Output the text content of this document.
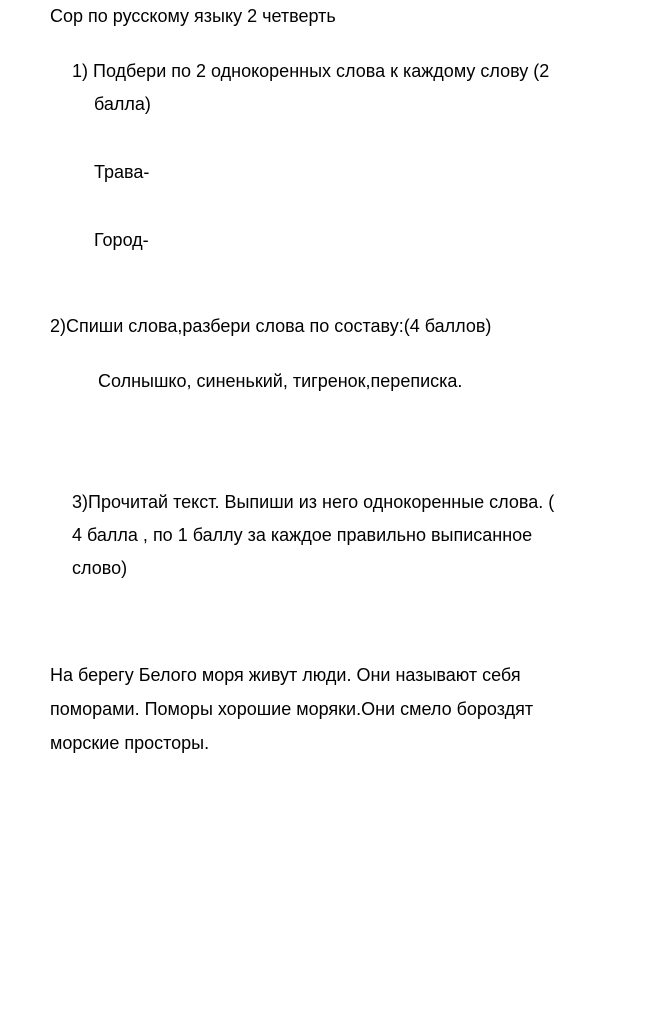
Сор по русскому языку 2 четверть
1) Подбери по 2 однокоренных слова к каждому слову (2
балла)
Трава-
Город-
2)Спиши слова,разбери слова по составу:(4 баллов)
Солнышко, синенький, тигренок,переписка.
3)Прочитай текст. Выпиши из него однокоренные слова. (
4 балла , по 1 баллу за каждое правильно выписанное
слово)
На берегу Белого моря живут люди. Они называют себя
поморами. Поморы хорошие моряки.Они смело бороздят
морские просторы.
